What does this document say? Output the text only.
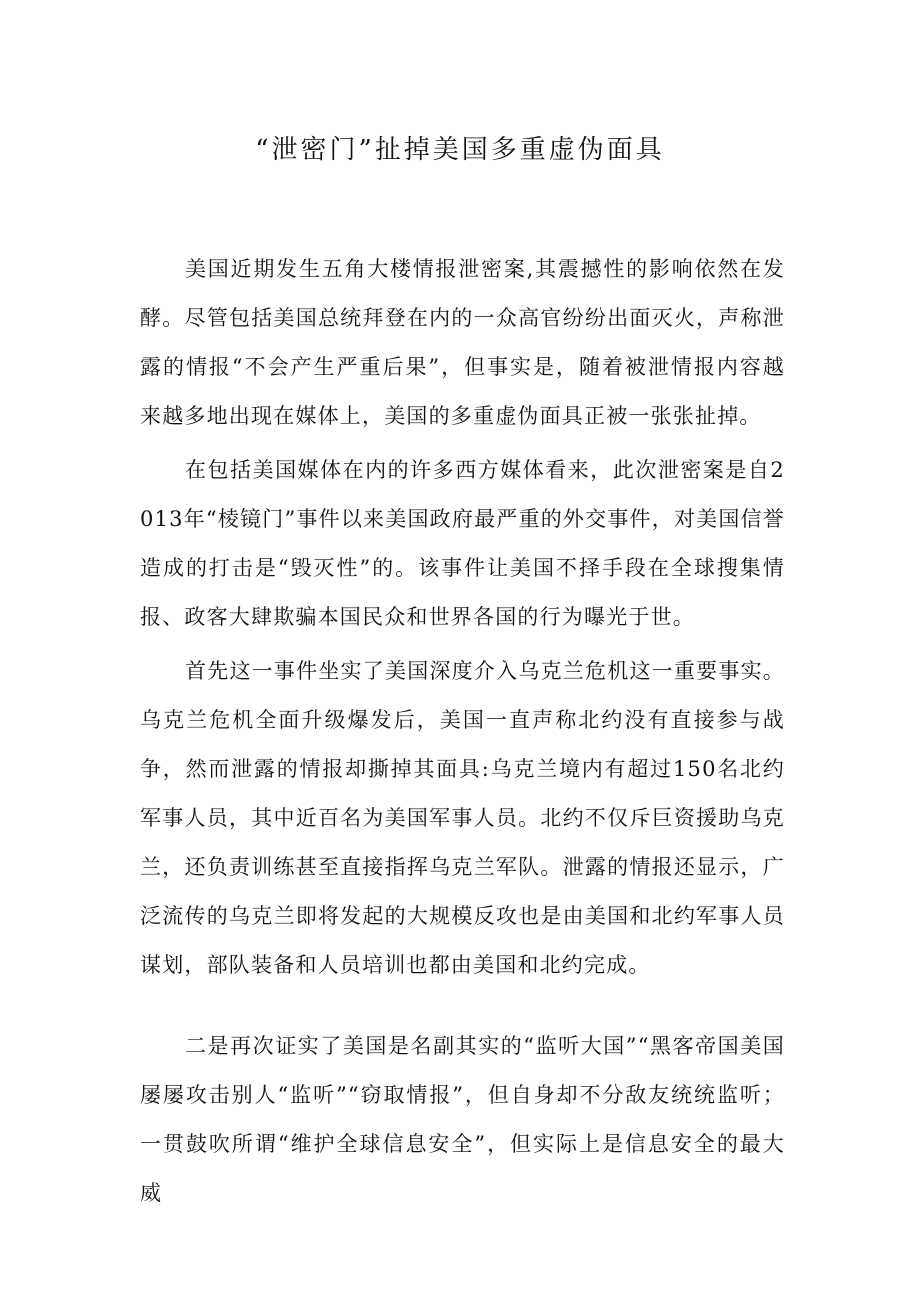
“泄密门”扯掉美国多重虚伪面具

美国近期发生五角大楼情报泄密案,其震撼性的影响依然在发酵。尽管包括美国总统拜登在内的一众高官纷纷出面灭火，声称泄露的情报“不会产生严重后果”，但事实是，随着被泄情报内容越来越多地出现在媒体上，美国的多重虚伪面具正被一张张扯掉。

在包括美国媒体在内的许多西方媒体看来，此次泄密案是自2013年“棱镜门”事件以来美国政府最严重的外交事件，对美国信誉造成的打击是“毁灭性”的。该事件让美国不择手段在全球搜集情报、政客大肆欺骗本国民众和世界各国的行为曝光于世。

首先这一事件坐实了美国深度介入乌克兰危机这一重要事实。乌克兰危机全面升级爆发后，美国一直声称北约没有直接参与战争，然而泄露的情报却撕掉其面具:乌克兰境内有超过150名北约军事人员，其中近百名为美国军事人员。北约不仅斥巨资援助乌克兰，还负责训练甚至直接指挥乌克兰军队。泄露的情报还显示，广泛流传的乌克兰即将发起的大规模反攻也是由美国和北约军事人员谋划，部队装备和人员培训也都由美国和北约完成。

二是再次证实了美国是名副其实的“监听大国”“黑客帝国美国屡屡攻击别人“监听”“窃取情报”，但自身却不分敌友统统监听；一贯鼓吹所谓“维护全球信息安全”，但实际上是信息安全的最大威
